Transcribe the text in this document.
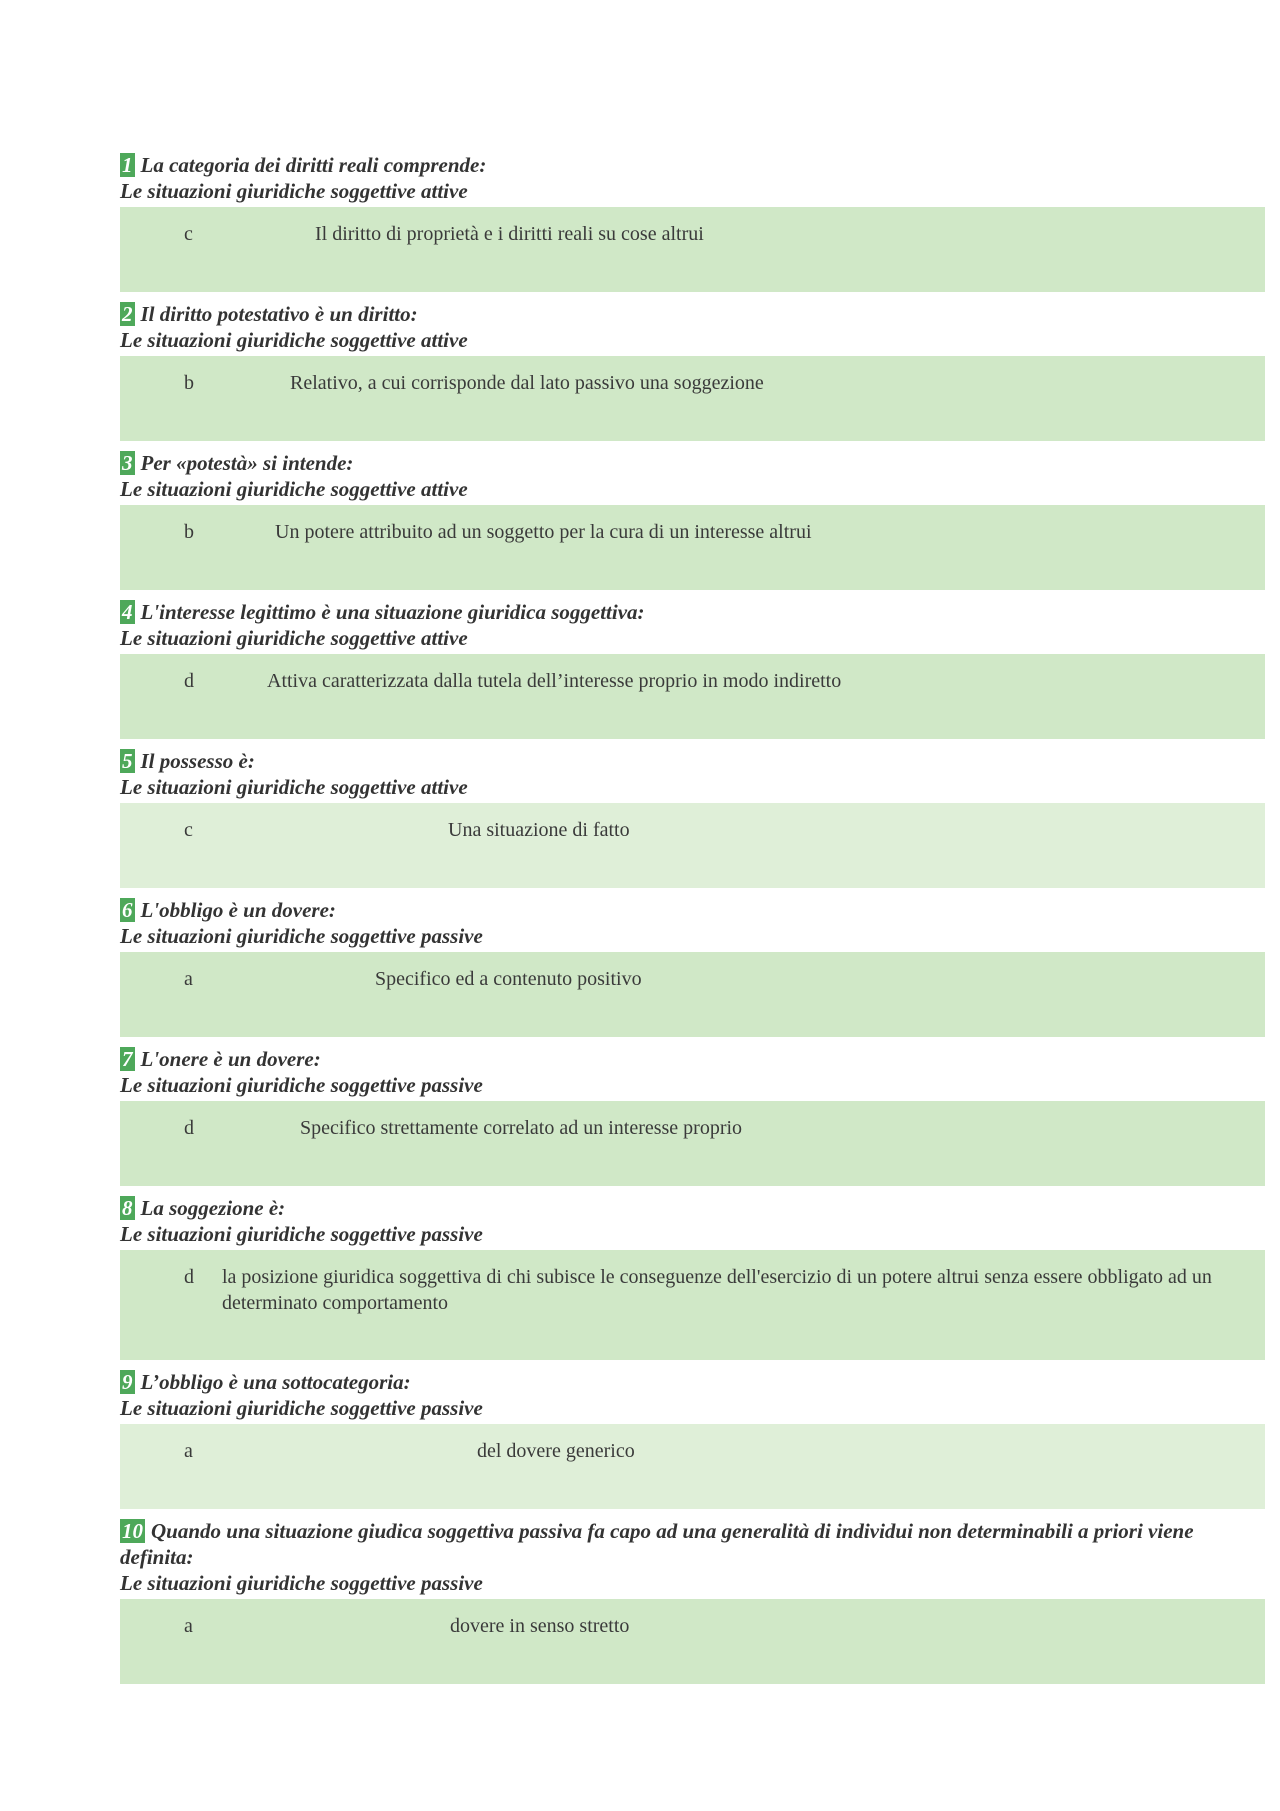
1 La categoria dei diritti reali comprende:
Le situazioni giuridiche soggettive attive
c	Il diritto di proprietà e i diritti reali su cose altrui
2 Il diritto potestativo è un diritto:
Le situazioni giuridiche soggettive attive
b	Relativo, a cui corrisponde dal lato passivo una soggezione
3 Per «potestà» si intende:
Le situazioni giuridiche soggettive attive
b	Un potere attribuito ad un soggetto per la cura di un interesse altrui
4 L'interesse legittimo è una situazione giuridica soggettiva:
Le situazioni giuridiche soggettive attive
d	Attiva caratterizzata dalla tutela dell’interesse proprio in modo indiretto
5 Il possesso è:
Le situazioni giuridiche soggettive attive
c	Una situazione di fatto
6 L'obbligo è un dovere:
Le situazioni giuridiche soggettive passive
a	Specifico ed a contenuto positivo
7 L'onere è un dovere:
Le situazioni giuridiche soggettive passive
d	Specifico strettamente correlato ad un interesse proprio
8 La soggezione è:
Le situazioni giuridiche soggettive passive
d la posizione giuridica soggettiva di chi subisce le conseguenze dell'esercizio di un potere altrui senza essere obbligato ad un determinato comportamento
9 L’obbligo è una sottocategoria:
Le situazioni giuridiche soggettive passive
a	del dovere generico
10 Quando una situazione giudica soggettiva passiva fa capo ad una generalità di individui non determinabili a priori viene definita:
Le situazioni giuridiche soggettive passive
a	dovere in senso stretto
